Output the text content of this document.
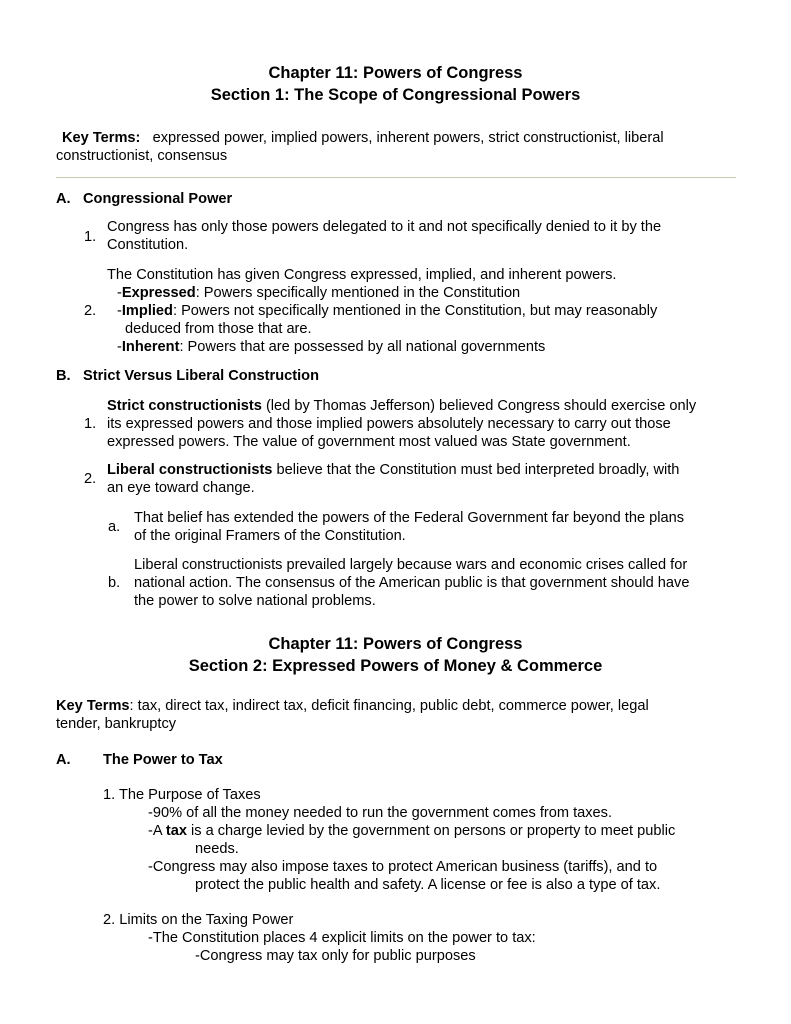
Chapter 11: Powers of Congress
Section 1: The Scope of Congressional Powers
Key Terms: expressed power, implied powers, inherent powers, strict constructionist, liberal
constructionist, consensus
A. Congressional Power
1.
Congress has only those powers delegated to it and not specifically denied to it by the
Constitution.
The Constitution has given Congress expressed, implied, and inherent powers.
-Expressed: Powers specifically mentioned in the Constitution
2. -Implied: Powers not specifically mentioned in the Constitution, but may reasonably
deduced from those that are.
-Inherent: Powers that are possessed by all national governments
B. Strict Versus Liberal Construction
Strict constructionists (led by Thomas Jefferson) believed Congress should exercise only
1. its expressed powers and those implied powers absolutely necessary to carry out those
expressed powers. The value of government most valued was State government.
Liberal constructionists believe that the Constitution must bed interpreted broadly, with
2.
an eye toward change.
a.
That belief has extended the powers of the Federal Government far beyond the plans
of the original Framers of the Constitution.
Liberal constructionists prevailed largely because wars and economic crises called for
b. national action. The consensus of the American public is that government should have
the power to solve national problems.
Chapter 11: Powers of Congress
Section 2: Expressed Powers of Money & Commerce
Key Terms: tax, direct tax, indirect tax, deficit financing, public debt, commerce power, legal
tender, bankruptcy
A. The Power to Tax
1. The Purpose of Taxes
-90% of all the money needed to run the government comes from taxes.
-A tax is a charge levied by the government on persons or property to meet public
needs.
-Congress may also impose taxes to protect American business (tariffs), and to
protect the public health and safety. A license or fee is also a type of tax.
2. Limits on the Taxing Power
-The Constitution places 4 explicit limits on the power to tax:
-Congress may tax only for public purposes
